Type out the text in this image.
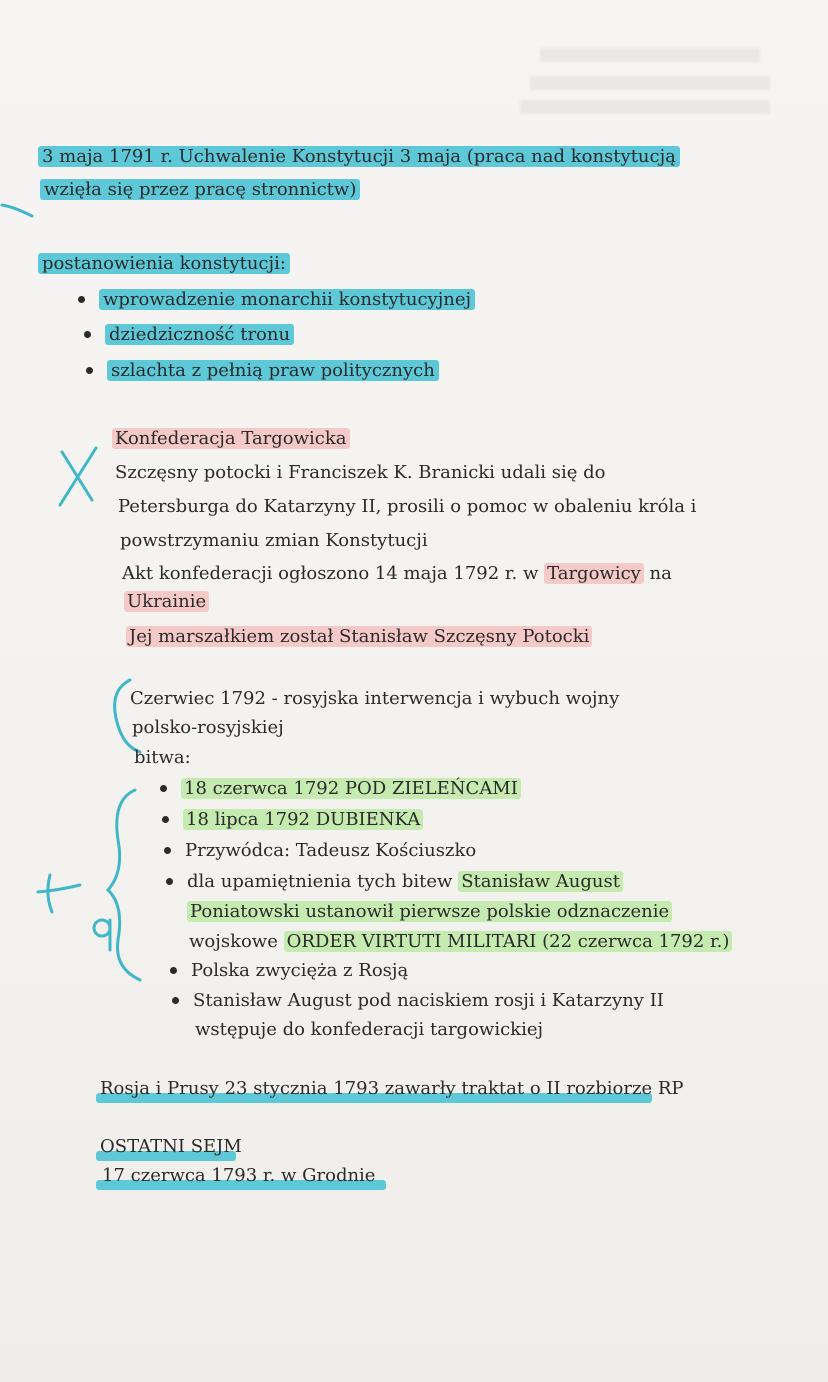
3 maja 1791 r. Uchwalenie Konstytucji 3 maja (praca nad konstytucją
wzięła się przez pracę stronnictw)
postanowienia konstytucji:
wprowadzenie monarchii konstytucyjnej
dziedziczność tronu
szlachta z pełnią praw politycznych
Konfederacja Targowicka
Szczęsny potocki i Franciszek K. Branicki udali się do
Petersburga do Katarzyny II, prosili o pomoc w obaleniu króla i
powstrzymaniu zmian Konstytucji
Akt konfederacji ogłoszono 14 maja 1792 r. w Targowicy na
Ukrainie
Jej marszałkiem został Stanisław Szczęsny Potocki
Czerwiec 1792 - rosyjska interwencja i wybuch wojny
polsko-rosyjskiej
bitwa:
18 czerwca 1792 POD ZIELEŃCAMI
18 lipca 1792 DUBIENKA
Przywódca: Tadeusz Kościuszko
dla upamiętnienia tych bitew Stanisław August
Poniatowski ustanowił pierwsze polskie odznaczenie
wojskowe ORDER VIRTUTI MILITARI (22 czerwca 1792 r.)
Polska zwycięża z Rosją
Stanisław August pod naciskiem rosji i Katarzyny II
wstępuje do konfederacji targowickiej
Rosja i Prusy 23 stycznia 1793 zawarły traktat o II rozbiorze RP
OSTATNI SEJM
17 czerwca 1793 r. w Grodnie
